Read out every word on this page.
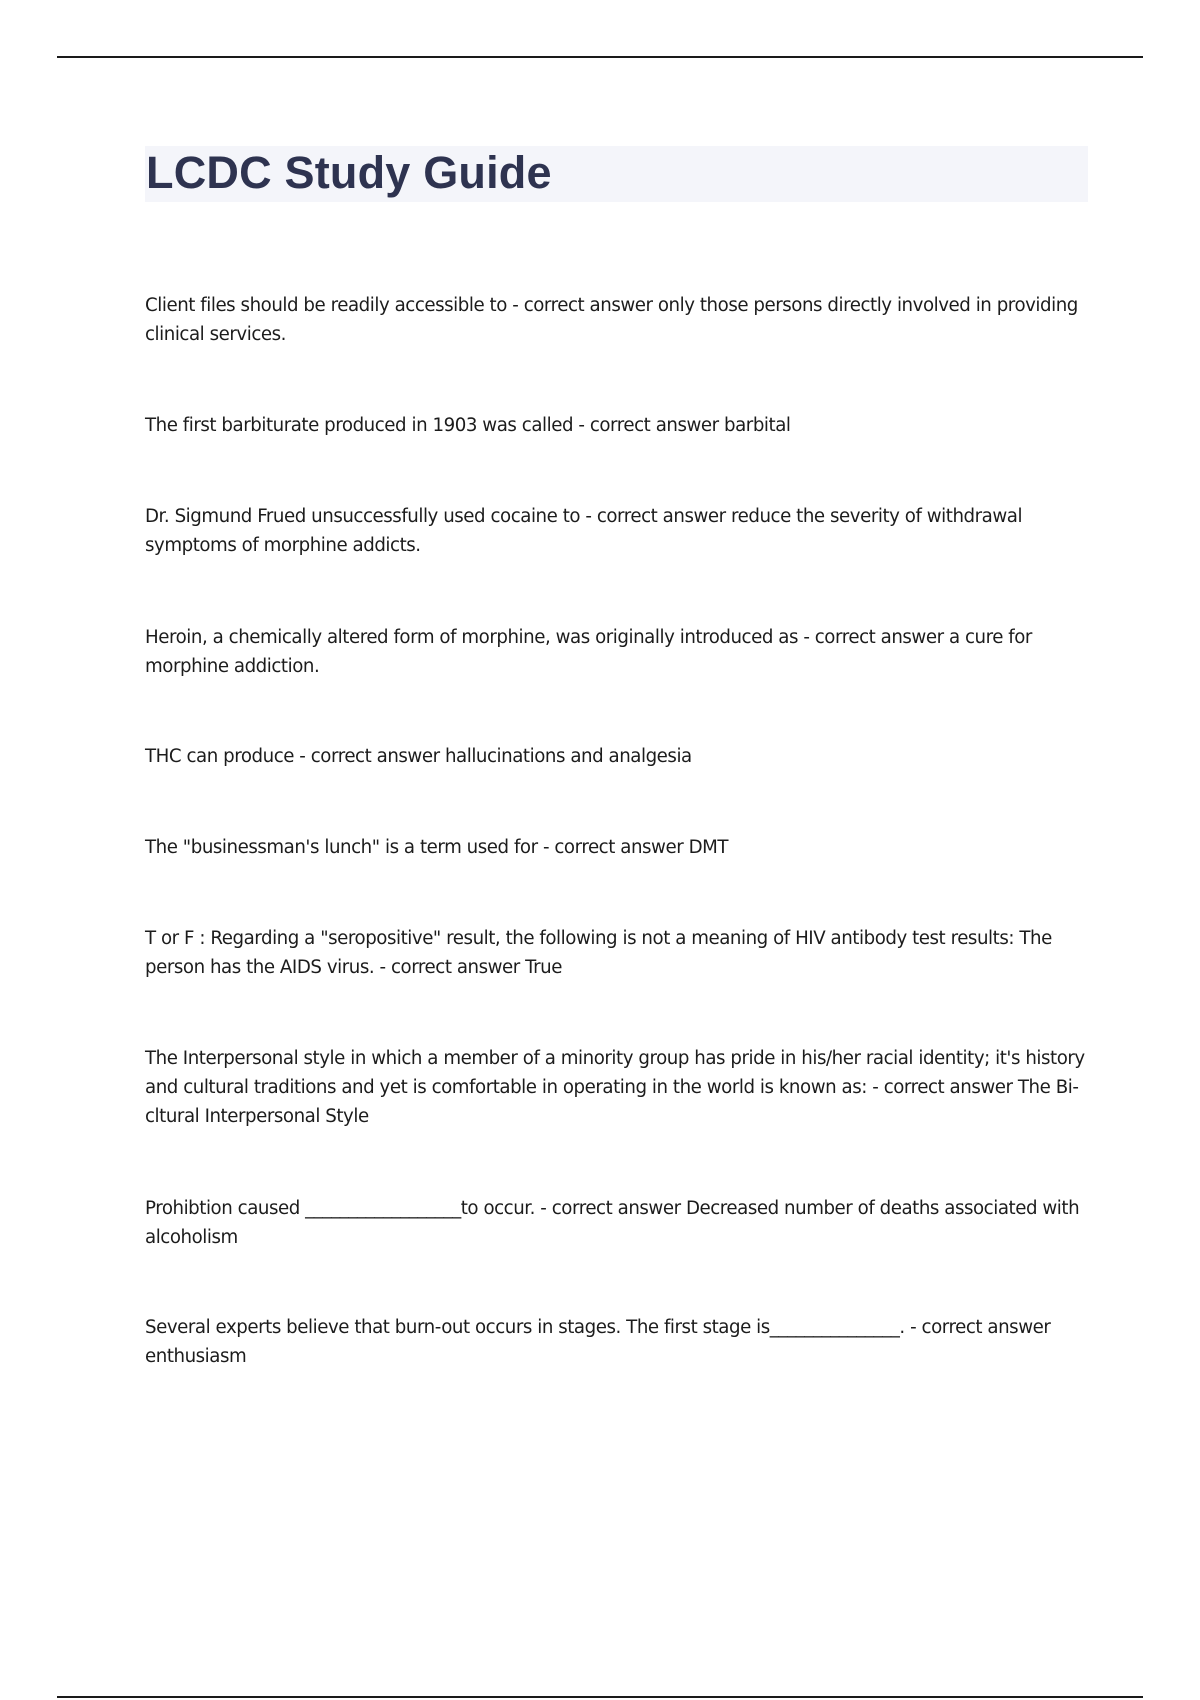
LCDC Study Guide

Client files should be readily accessible to - correct answer only those persons directly involved in providing clinical services.

The first barbiturate produced in 1903 was called - correct answer barbital

Dr. Sigmund Frued unsuccessfully used cocaine to - correct answer reduce the severity of withdrawal symptoms of morphine addicts.

Heroin, a chemically altered form of morphine, was originally introduced as - correct answer a cure for morphine addiction.

THC can produce - correct answer hallucinations and analgesia

The "businessman's lunch" is a term used for - correct answer DMT

T or F : Regarding a "seropositive" result, the following is not a meaning of HIV antibody test results: The person has the AIDS virus. - correct answer True

The Interpersonal style in which a member of a minority group has pride in his/her racial identity; it's history and cultural traditions and yet is comfortable in operating in the world is known as: - correct answer The Bi-cltural Interpersonal Style

Prohibtion caused __________________to occur. - correct answer Decreased number of deaths associated with alcoholism

Several experts believe that burn-out occurs in stages. The first stage is_______________. - correct answer enthusiasm
